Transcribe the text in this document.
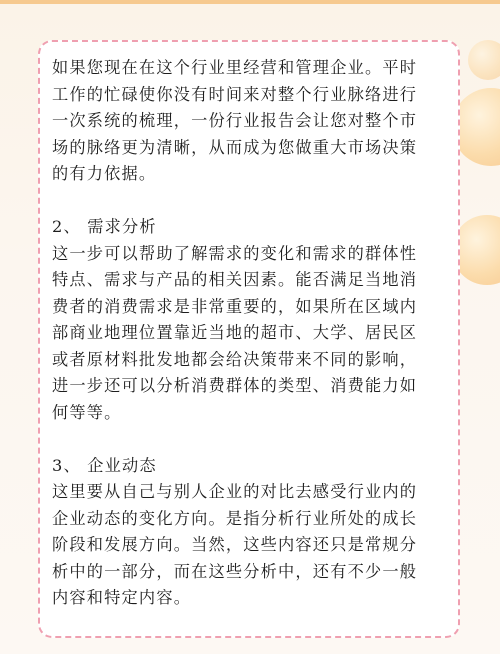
如果您现在在这个行业里经营和管理企业。平时
工作的忙碌使你没有时间来对整个行业脉络进行
一次系统的梳理，一份行业报告会让您对整个市
场的脉络更为清晰，从而成为您做重大市场决策
的有力依据。

2、 需求分析

这一步可以帮助了解需求的变化和需求的群体性
特点、需求与产品的相关因素。能否满足当地消
费者的消费需求是非常重要的，如果所在区域内
部商业地理位置靠近当地的超市、大学、居民区
或者原材料批发地都会给决策带来不同的影响，
进一步还可以分析消费群体的类型、消费能力如
何等等。

3、 企业动态

这里要从自己与别人企业的对比去感受行业内的
企业动态的变化方向。是指分析行业所处的成长
阶段和发展方向。当然，这些内容还只是常规分
析中的一部分，而在这些分析中，还有不少一般
内容和特定内容。
